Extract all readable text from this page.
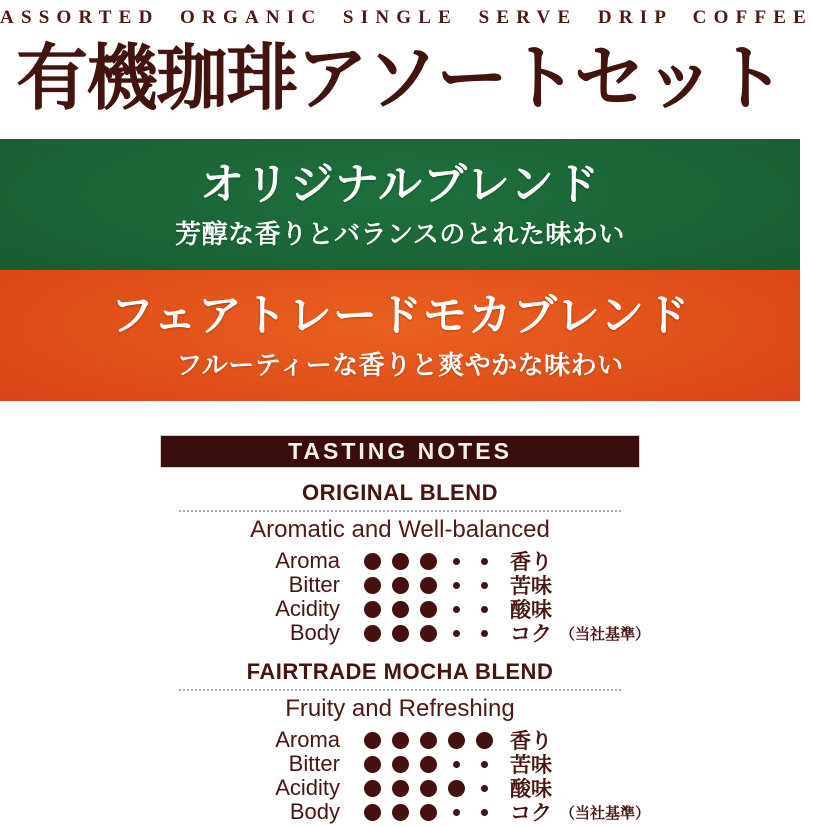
ASSORTED ORGANIC SINGLE SERVE DRIP COFFEE
有機珈琲アソートセット
オリジナルブレンド
芳醇な香りとバランスのとれた味わい
フェアトレードモカブレンド
フルーティーな香りと爽やかな味わい
TASTING NOTES
ORIGINAL BLEND
Aromatic and Well-balanced
Aroma	香り
Bitter	苦味
Acidity	酸味
Body	コク （当社基準）
FAIRTRADE MOCHA BLEND
Fruity and Refreshing
Aroma	香り
Bitter	苦味
Acidity	酸味
Body	コク （当社基準）
